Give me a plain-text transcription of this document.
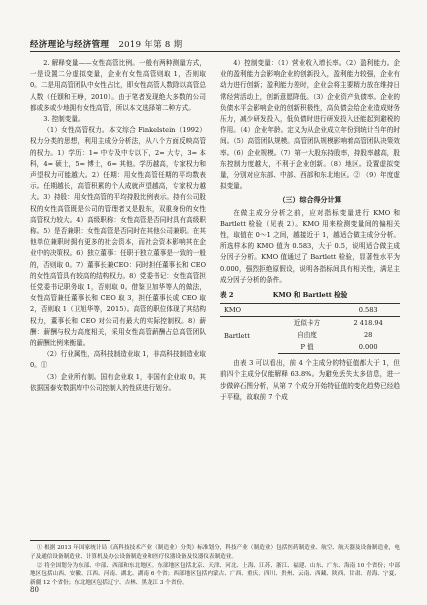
经济理论与经济管理 2019 年第 8 期

2. 解释变量——女性高管比例。一般有两种测量方式，一是设置二分虚拟变量，企业有女性高管则取 1，否则取 0。二是用高管团队中女性占比，即女性高管人数除以高管总人数（任颋和王峥，2010）。由于笔者发现绝大多数的公司都或多或少地拥有女性高管，所以本文选择第二种方式。

3. 控制变量。

（1）女性高管权力。本文综合 Finkelstein（1992）权力分类的思想，利用主成分分析法，从八个方面反映高管的权力。1）学历：1= 中专及中专以下，2= 大专，3= 本科，4= 硕士，5= 博士，6= 其他。学历越高，专家权力和声望权力可能越大。2）任期：用女性高管任期的平均数表示。任期越长，高管积累的个人成就声望越高，专家权力越大。3）持股：用女性高管的平均持股比例表示。持有公司股权的女性高管既是公司的管理者又是股东，双重身份的女性高管权力较大。4）高级职称：女性高管是否同时具有高级职称。5）是否兼职：女性高管是否同时在其他公司兼职。在其他单位兼职时拥有更多的社会资本，而社会资本影响其在企业中的决策权。6）独立董事：任职于独立董事是一致的一般的，否则取 0。7）董事长兼CEO：同时担任董事长和 CEO 的女性高管具有较高的结构权力。8）党委书记：女性高管担任党委书记职务取 1，否则取 0。借鉴卫加华等人的做法，女性高管兼任董事长和 CEO 取 3，担任董事长或 CEO 取 2，否则取 1（卫旭华等，2015）。高管的职位体现了其结构权力，董事长和 CEO 对公司有最大的实际控制权。8）薪酬：薪酬与权力高度相关，采用女性高管薪酬占总高管团队的薪酬比例来衡量。

（2）行业属性，高科技制造业取 1，非高科技制造业取 0。①

（3）企业所有制。国有企业取 1，非国有企业取 0。其依据国泰安数据库中公司控制人的性质进行划分。

4）控制变量：（1）营业收入增长率。（2）盈利能力。企业的盈利能力会影响企业的创新投入，盈利能力较强，企业有动力进行创新；盈利能力差时，企业会将主要精力放在维持日常经营活动上，创新意愿降低。（3）企业资产负债率。企业的负债水平会影响企业的创新积极性，高负债会给企业造成财务压力，减少研发投入，低负债时进行研发投入还能起到避税的作用。（4）企业年龄。定义为从企业成立年份到统计当年的时间。（5）高管团队规模。高管团队规模影响着高管团队决策效率。（6）企业规模。（7）第一大股东持股率，持股率越高，股东控制力度越大，不利于企业创新。（8）地区。设置虚拟变量，分别对应东部、中部、西部和东北地区。② （9）年度虚拟变量。

（三）综合得分计算

在做主成分分析之前，应对指标变量进行 KMO 和 Bartlett 检验（见表 2）。KMO 用来检测变量间的偏相关性，取值在 0～1 之间，越接近于 1，越适合做主成分分析。所选样本的 KMO 值为 0.583，大于 0.5，说明适合做主成分因子分析。KMO 值通过了 Bartlett 检验，显著性水平为 0.000，强烈拒绝原假设，说明各指标间具有相关性，满足主成分因子分析的条件。

表 2	KMO 和 Bartlett 检验
KMO		0.583
Bartlett	近似卡方	2 418.94
	自由度	28
	P 值	0.000

由表 3 可以看出，前 4 个主成分的特征值都大于 1，但前四个主成分仅能解释 63.8%。为避免丢失太多信息，进一步做碎石图分析，从第 7 个成分开始特征值的变化趋势已经趋于平稳，故取前 7 个成

① 根据 2013 年国家统计局《高科技技术产业（制造业）分类》标准划分，科技产业（制造业）包括医药制造业、航空、航天器及设备制造业，电子及通信设备制造业、计算机及办公设备制造业和医疗仪器设备及仪器仪表制造业。

② 将全国划分为东部、中部、西部和东北地区。东部地区包括北京、天津、河北、上海、江苏、浙江、福建、山东、广东、海南 10 个省份；中部地区包括山西、安徽、江西、河南、湖北、湖南 6 个省；西部地区包括内蒙古、广西、重庆、四川、贵州、云南、西藏、陕西、甘肃、青海、宁夏、新疆 12 个省份；东北地区包括辽宁、吉林、黑龙江 3 个省份。

80
